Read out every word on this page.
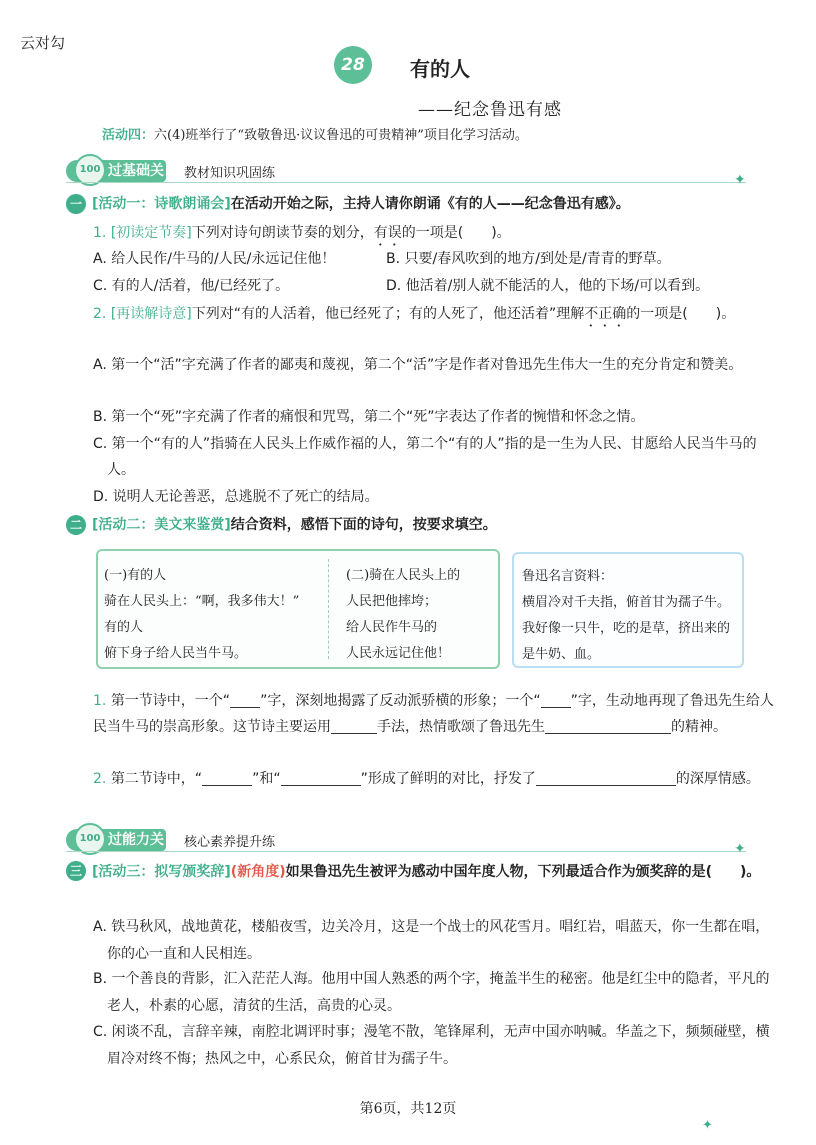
云对勾
28	有的人
——纪念鲁迅有感
活动四：六(4)班举行了“致敬鲁迅·议议鲁迅的可贵精神”项目化学习活动。
100 过基础关 教材知识巩固练	✦
一 [活动一：诗歌朗诵会]在活动开始之际，主持人请你朗诵《有的人——纪念鲁迅有感》。
1. [初读定节奏]下列对诗句朗读节奏的划分，有误的一项是(　　)。
A. 给人民作/牛马的/人民/永远记住他！	B. 只要/春风吹到的地方/到处是/青青的野草。
C. 有的人/活着，他/已经死了。	D. 他活着/别人就不能活的人，他的下场/可以看到。
2. [再读解诗意]下列对“有的人活着，他已经死了；有的人死了，他还活着”理解不正确的一项是(　　)。
A. 第一个“活”字充满了作者的鄙夷和蔑视，第二个“活”字是作者对鲁迅先生伟大一生的充分肯定和赞美。
B. 第一个“死”字充满了作者的痛恨和咒骂，第二个“死”字表达了作者的惋惜和怀念之情。
C. 第一个“有的人”指骑在人民头上作威作福的人，第二个“有的人”指的是一生为人民、甘愿给人民当牛马的人。
D. 说明人无论善恶，总逃脱不了死亡的结局。
二 [活动二：美文来鉴赏]结合资料，感悟下面的诗句，按要求填空。
(一)有的人
骑在人民头上：“啊，我多伟大！”
有的人
俯下身子给人民当牛马。
(二)骑在人民头上的
人民把他摔垮；
给人民作牛马的
人民永远记住他！
鲁迅名言资料：
横眉冷对千夫指，俯首甘为孺子牛。
我好像一只牛，吃的是草，挤出来的是牛奶、血。
1. 第一节诗中，一个“ ”字，深刻地揭露了反动派骄横的形象；一个“ ”字，生动地再现了鲁迅先生给人民当牛马的崇高形象。这节诗主要运用	手法，热情歌颂了鲁迅先生	的精神。
2. 第二节诗中，“	”和“	”形成了鲜明的对比，抒发了	的深厚情感。
100 过能力关 核心素养提升练	✦
三 [活动三：拟写颁奖辞](新角度)如果鲁迅先生被评为感动中国年度人物，下列最适合作为颁奖辞的是(　　)。
A. 铁马秋风，战地黄花，楼船夜雪，边关冷月，这是一个战士的风花雪月。唱红岩，唱蓝天，你一生都在唱，你的心一直和人民相连。
B. 一个善良的背影，汇入茫茫人海。他用中国人熟悉的两个字，掩盖半生的秘密。他是红尘中的隐者，平凡的老人，朴素的心愿，清贫的生活，高贵的心灵。
C. 闲谈不乱，言辞辛辣，南腔北调评时事；漫笔不散，笔锋犀利，无声中国亦呐喊。华盖之下，频频碰壁，横眉冷对终不悔；热风之中，心系民众，俯首甘为孺子牛。
第6页，共12页
✦
